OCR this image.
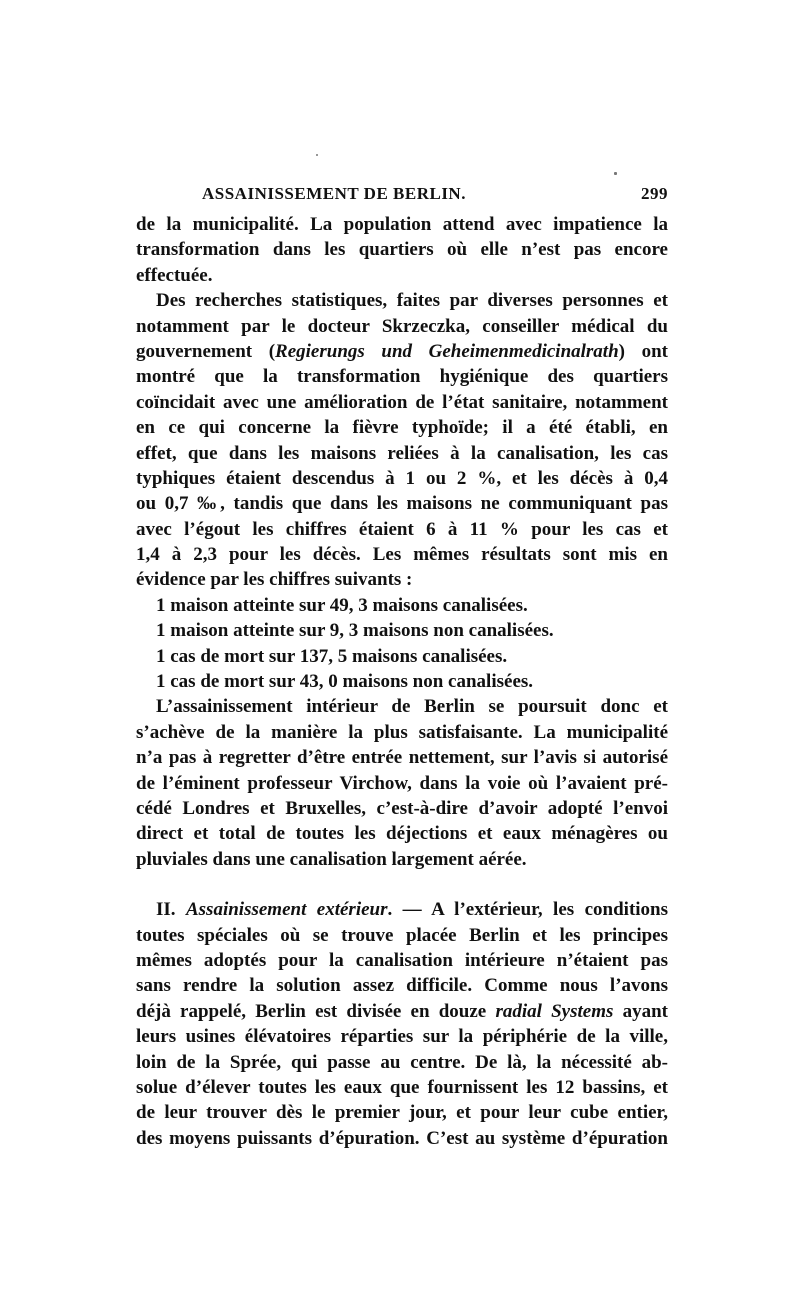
ASSAINISSEMENT DE BERLIN.	299
de la municipalité. La population attend avec impatience la
transformation dans les quartiers où elle n’est pas encore
effectuée.
Des recherches statistiques, faites par diverses personnes et
notamment par le docteur Skrzeczka, conseiller médical du
gouvernement (Regierungs und Geheimenmedicinalrath) ont
montré que la transformation hygiénique des quartiers
coïncidait avec une amélioration de l’état sanitaire, notamment
en ce qui concerne la fièvre typhoïde; il a été établi, en
effet, que dans les maisons reliées à la canalisation, les cas
typhiques étaient descendus à 1 ou 2 %, et les décès à 0,4
ou 0,7 ‰, tandis que dans les maisons ne communiquant pas
avec l’égout les chiffres étaient 6 à 11 % pour les cas et
1,4 à 2,3 pour les décès. Les mêmes résultats sont mis en
évidence par les chiffres suivants :
1 maison atteinte sur 49, 3 maisons canalisées.
1 maison atteinte sur 9, 3 maisons non canalisées.
1 cas de mort sur 137, 5 maisons canalisées.
1 cas de mort sur 43, 0 maisons non canalisées.
L’assainissement intérieur de Berlin se poursuit donc et
s’achève de la manière la plus satisfaisante. La municipalité
n’a pas à regretter d’être entrée nettement, sur l’avis si autorisé
de l’éminent professeur Virchow, dans la voie où l’avaient pré-
cédé Londres et Bruxelles, c’est-à-dire d’avoir adopté l’envoi
direct et total de toutes les déjections et eaux ménagères ou
pluviales dans une canalisation largement aérée.
II. Assainissement extérieur. — A l’extérieur, les conditions
toutes spéciales où se trouve placée Berlin et les principes
mêmes adoptés pour la canalisation intérieure n’étaient pas
sans rendre la solution assez difficile. Comme nous l’avons
déjà rappelé, Berlin est divisée en douze radial Systems ayant
leurs usines élévatoires réparties sur la périphérie de la ville,
loin de la Sprée, qui passe au centre. De là, la nécessité ab-
solue d’élever toutes les eaux que fournissent les 12 bassins, et
de leur trouver dès le premier jour, et pour leur cube entier,
des moyens puissants d’épuration. C’est au système d’épuration
